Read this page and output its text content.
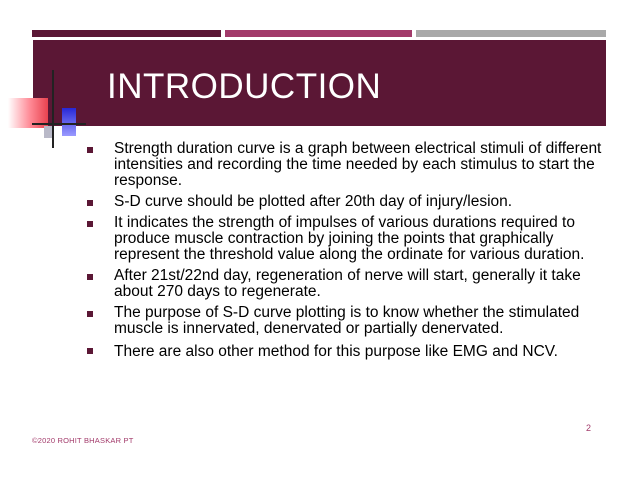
INTRODUCTION
Strength duration curve is a graph between electrical stimuli of different intensities and recording the time needed by each stimulus to start the response.
S-D curve should be plotted after 20th day of injury/lesion.
It indicates the strength of impulses of various durations required to produce muscle contraction by joining the points that graphically represent the threshold value along the ordinate for various duration.
After 21st/22nd day, regeneration of nerve will start, generally it take about 270 days to regenerate.
The purpose of S-D curve plotting is to know whether the stimulated muscle is innervated, denervated or partially denervated.
There are also other method for this purpose like EMG and NCV.
2
©2020 ROHIT BHASKAR PT
